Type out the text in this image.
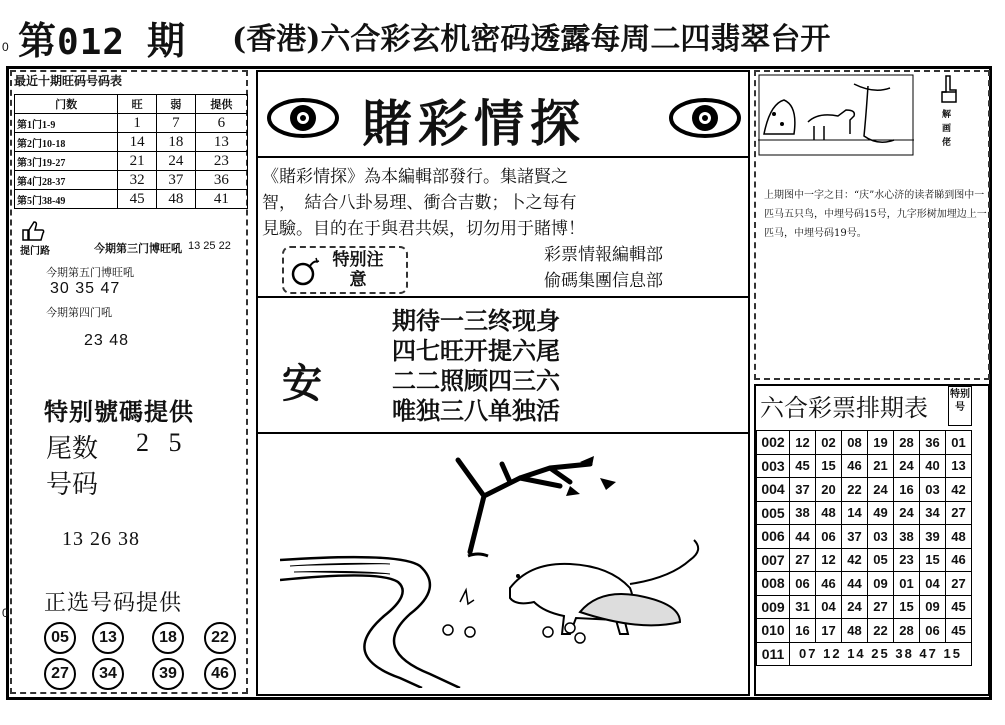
0 第012 期 (香港)六合彩玄机密码透露每周二四翡翠台开
0
最近十期旺码号码表
门数	旺	弱	提供
第1门1-9	1	7	6
第2门10-18	14	18	13
第3门19-27	21	24	23
第4门28-37	32	37	36
第5门38-49	45	48	41
提门路	今期第三门博旺吼 13 25 22
今期第五门博旺吼
30 35 47
今期第四门吼
23 48
特别號碼提供
尾数 2   5
号码
13 26 38
正选号码提供
05	13	18	22
27	34	39	46
賭彩情探
《賭彩情探》為本編輯部發行。集諸賢之
智，　結合八卦易理、衝合吉數；卜之每有
見驗。目的在于與君共娱，切勿用于賭博！
特别注意
彩票情報編輯部
偷碼集團信息部
安
期待一三终现身
四七旺开提六尾
二二照顾四三六
唯独三八单独活
解
画
佬
上期图中一字之目：“庆”水心济的读者睇到图中一匹马五只鸟，中埋号码15号，九字形树加埋边上一匹马，中埋号码19号。
六合彩票排期表 特别号
002	12	02	08	19	28	36	01
003	45	15	46	21	24	40	13
004	37	20	22	24	16	03	42
005	38	48	14	49	24	34	27
006	44	06	37	03	38	39	48
007	27	12	42	05	23	15	46
008	06	46	44	09	01	04	27
009	31	04	24	27	15	09	45
010	16	17	48	22	28	06	45
011	07 12 14 25 38 47 15						
